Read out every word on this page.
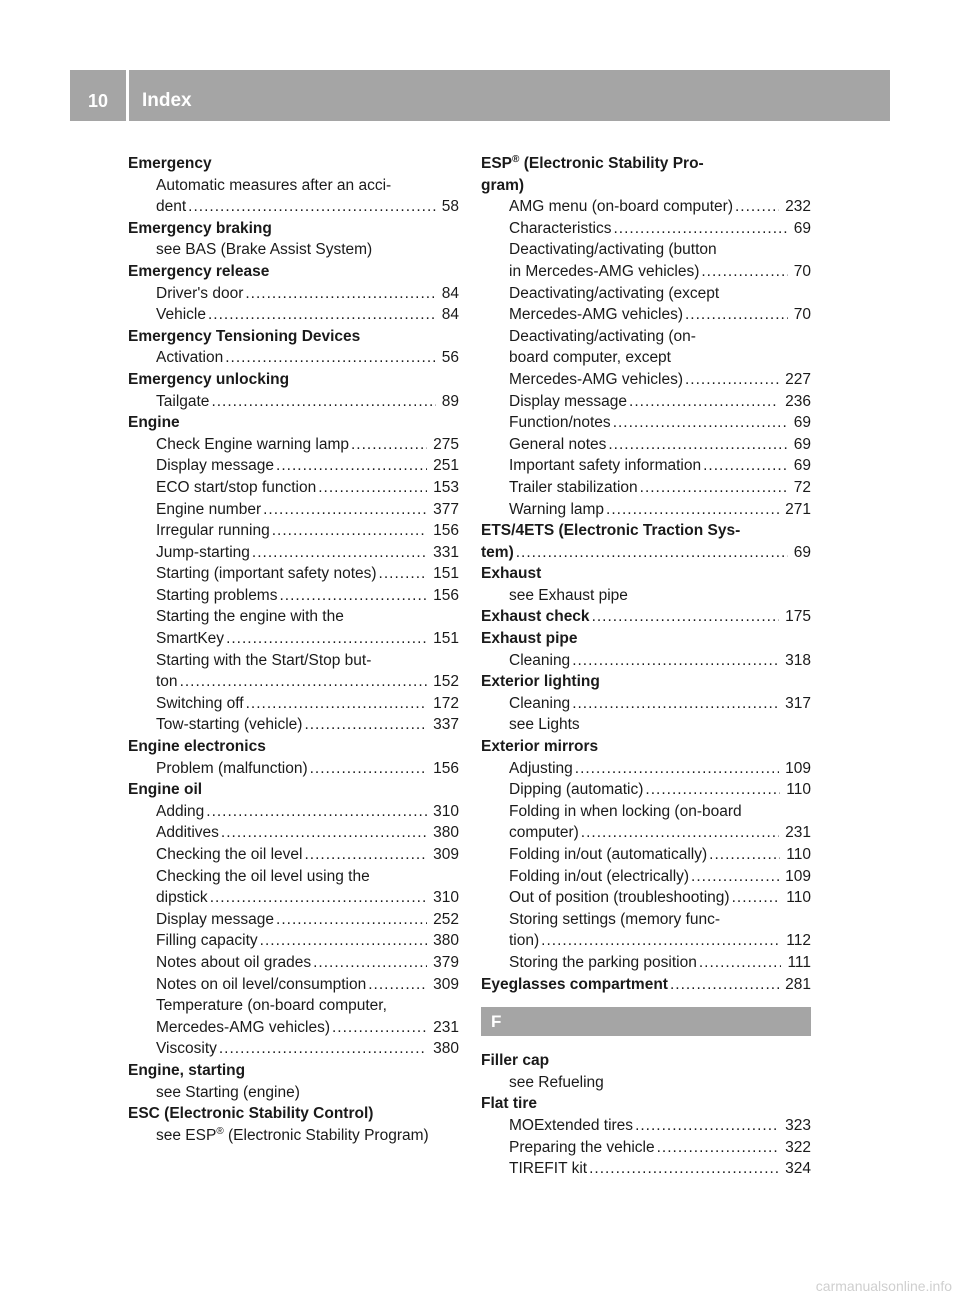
10	Index
Emergency
Automatic measures after an acci-
dent .....	58
Emergency braking
see BAS (Brake Assist System)
Emergency release
Driver's door .....	84
Vehicle .....	84
Emergency Tensioning Devices
Activation .....	56
Emergency unlocking
Tailgate .....	89
Engine
Check Engine warning lamp .....	275
Display message .....	251
ECO start/stop function .....	153
Engine number .....	377
Irregular running .....	156
Jump-starting .....	331
Starting (important safety notes) .....	151
Starting problems .....	156
Starting the engine with the
SmartKey .....	151
Starting with the Start/Stop but-
ton .....	152
Switching off .....	172
Tow-starting (vehicle) .....	337
Engine electronics
Problem (malfunction) .....	156
Engine oil
Adding .....	310
Additives .....	380
Checking the oil level .....	309
Checking the oil level using the
dipstick .....	310
Display message .....	252
Filling capacity .....	380
Notes about oil grades .....	379
Notes on oil level/consumption .....	309
Temperature (on-board computer,
Mercedes-AMG vehicles) .....	231
Viscosity .....	380
Engine, starting
see Starting (engine)
ESC (Electronic Stability Control)
see ESP® (Electronic Stability Program)
ESP® (Electronic Stability Pro-
gram)
AMG menu (on-board computer) .....	232
Characteristics .....	69
Deactivating/activating (button
in Mercedes-AMG vehicles) .....	70
Deactivating/activating (except
Mercedes-AMG vehicles) .....	70
Deactivating/activating (on-
board computer, except
Mercedes-AMG vehicles) .....	227
Display message .....	236
Function/notes .....	69
General notes .....	69
Important safety information .....	69
Trailer stabilization .....	72
Warning lamp .....	271
ETS/4ETS (Electronic Traction Sys-
tem) .....	69
Exhaust
see Exhaust pipe
Exhaust check .....	175
Exhaust pipe
Cleaning .....	318
Exterior lighting
Cleaning .....	317
see Lights
Exterior mirrors
Adjusting .....	109
Dipping (automatic) .....	110
Folding in when locking (on-board
computer) .....	231
Folding in/out (automatically) .....	110
Folding in/out (electrically) .....	109
Out of position (troubleshooting) .....	110
Storing settings (memory func-
tion) .....	112
Storing the parking position .....	111
Eyeglasses compartment .....	281
F
Filler cap
see Refueling
Flat tire
MOExtended tires .....	323
Preparing the vehicle .....	322
TIREFIT kit .....	324
carmanualsonline.info
